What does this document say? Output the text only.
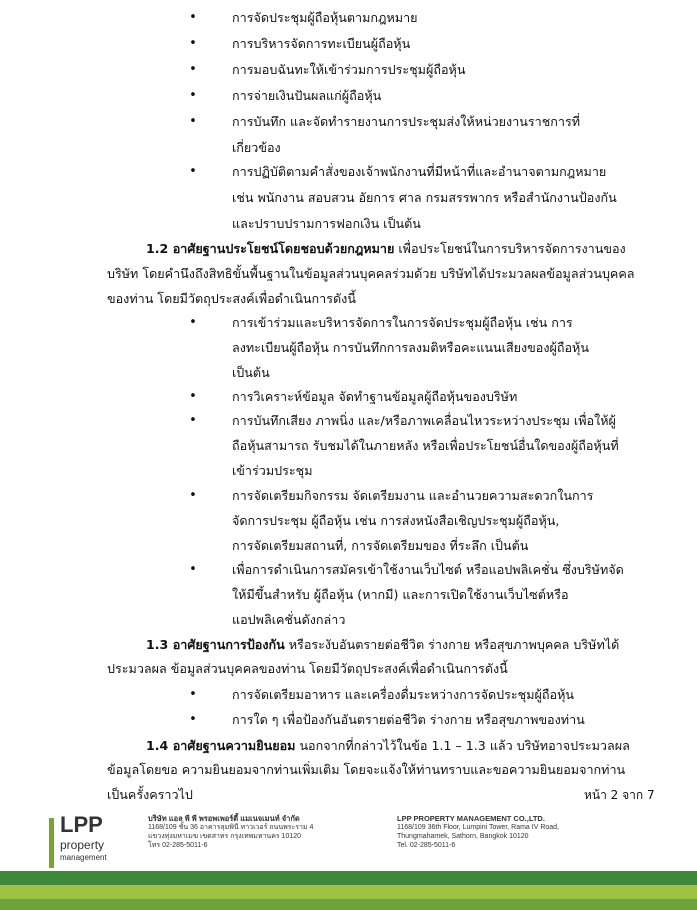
•	การจัดประชุมผู้ถือหุ้นตามกฎหมาย
•	การบริหารจัดการทะเบียนผู้ถือหุ้น
•	การมอบฉันทะให้เข้าร่วมการประชุมผู้ถือหุ้น
•	การจ่ายเงินปันผลแก่ผู้ถือหุ้น
•	การบันทึก และจัดทำรายงานการประชุมส่งให้หน่วยงานราชการที่
เกี่ยวข้อง
•	การปฏิบัติตามคำสั่งของเจ้าพนักงานที่มีหน้าที่และอำนาจตามกฎหมาย
เช่น พนักงาน สอบสวน อัยการ ศาล กรมสรรพากร หรือสำนักงานป้องกัน
และปราบปรามการฟอกเงิน เป็นต้น
1.2 อาศัยฐานประโยชน์โดยชอบด้วยกฎหมาย เพื่อประโยชน์ในการบริหารจัดการงานของ
บริษัท โดยคำนึงถึงสิทธิขั้นพื้นฐานในข้อมูลส่วนบุคคลร่วมด้วย บริษัทได้ประมวลผลข้อมูลส่วนบุคคล
ของท่าน โดยมีวัตถุประสงค์เพื่อดำเนินการดังนี้
•	การเข้าร่วมและบริหารจัดการในการจัดประชุมผู้ถือหุ้น เช่น การ
ลงทะเบียนผู้ถือหุ้น การบันทึกการลงมติหรือคะแนนเสียงของผู้ถือหุ้น
เป็นต้น
•	การวิเคราะห์ข้อมูล จัดทำฐานข้อมูลผู้ถือหุ้นของบริษัท
•	การบันทึกเสียง ภาพนิ่ง และ/หรือภาพเคลื่อนไหวระหว่างประชุม เพื่อให้ผู้
ถือหุ้นสามารถ รับชมได้ในภายหลัง หรือเพื่อประโยชน์อื่นใดของผู้ถือหุ้นที่
เข้าร่วมประชุม
•	การจัดเตรียมกิจกรรม จัดเตรียมงาน และอำนวยความสะดวกในการ
จัดการประชุม ผู้ถือหุ้น เช่น การส่งหนังสือเชิญประชุมผู้ถือหุ้น,
การจัดเตรียมสถานที่, การจัดเตรียมของ ที่ระลึก เป็นต้น
•	เพื่อการดำเนินการสมัครเข้าใช้งานเว็บไซต์ หรือแอปพลิเคชั่น ซึ่งบริษัทจัด
ให้มีขึ้นสำหรับ ผู้ถือหุ้น (หากมี) และการเปิดใช้งานเว็บไซต์หรือ
แอปพลิเคชั่นดังกล่าว
1.3 อาศัยฐานการป้องกัน หรือระงับอันตรายต่อชีวิต ร่างกาย หรือสุขภาพบุคคล บริษัทได้
ประมวลผล ข้อมูลส่วนบุคคลของท่าน โดยมีวัตถุประสงค์เพื่อดำเนินการดังนี้
•	การจัดเตรียมอาหาร และเครื่องดื่มระหว่างการจัดประชุมผู้ถือหุ้น
•	การใด ๆ เพื่อป้องกันอันตรายต่อชีวิต ร่างกาย หรือสุขภาพของท่าน
1.4 อาศัยฐานความยินยอม นอกจากที่กล่าวไว้ในข้อ 1.1 – 1.3 แล้ว บริษัทอาจประมวลผล
ข้อมูลโดยขอ ความยินยอมจากท่านเพิ่มเติม โดยจะแจ้งให้ท่านทราบและขอความยินยอมจากท่าน
เป็นครั้งคราวไป	หน้า 2 จาก 7
LPP
property
management
บริษัท แอล พี พี พรอพเพอร์ตี้ แมเนจเมนท์ จำกัด
1168/109 ชั้น 36 อาคารลุมพินี ทาวเวอร์ ถนนพระราม 4
แขวงทุ่งมหาเมฆ เขตสาทร กรุงเทพมหานคร 10120
โทร 02-285-5011-6
LPP PROPERTY MANAGEMENT CO.,LTD.
1168/109 36th Floor, Lumpini Tower, Rama IV Road,
Thungmahamek, Sathorn, Bangkok 10120
Tel. 02-285-5011-6
